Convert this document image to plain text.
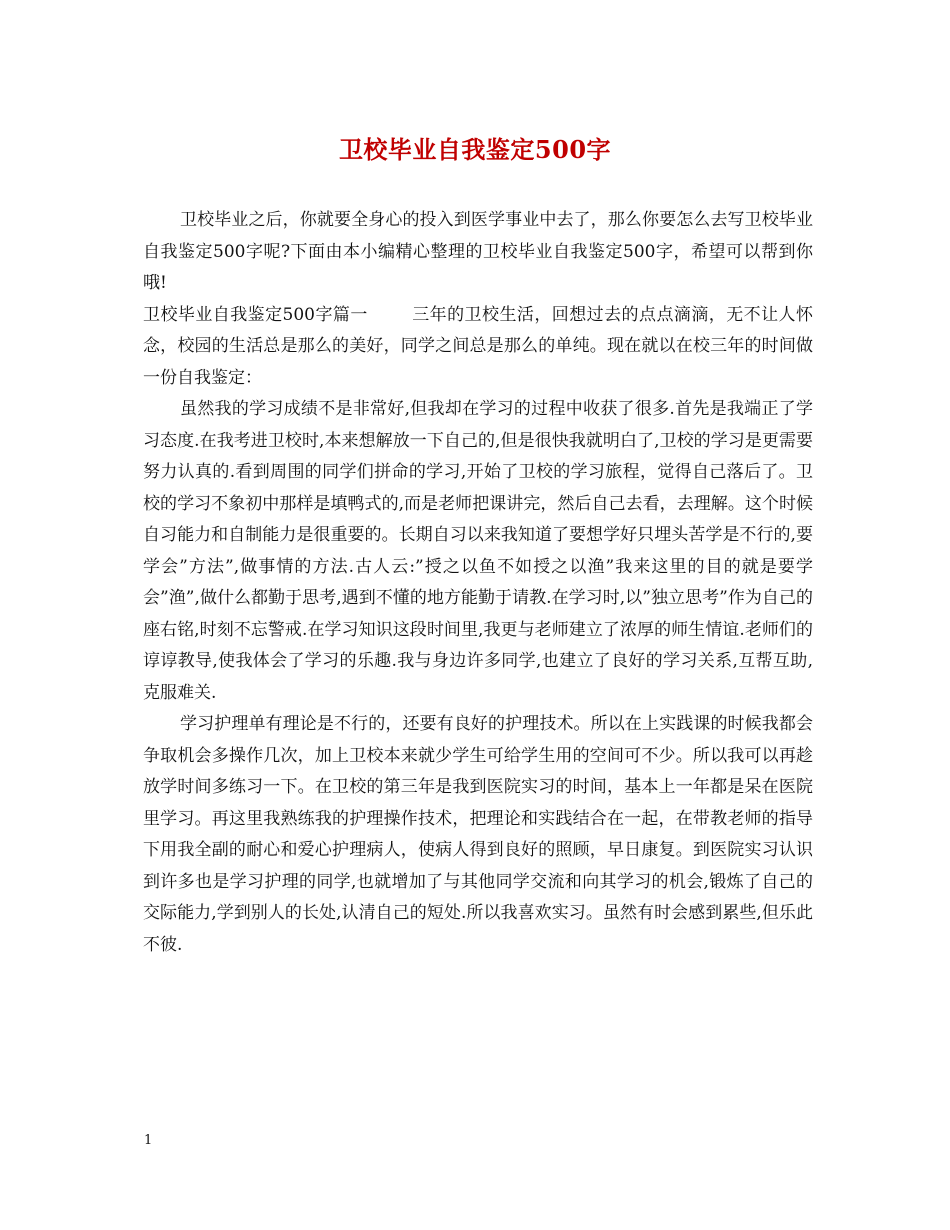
卫校毕业自我鉴定500字

卫校毕业之后，你就要全身心的投入到医学事业中去了，那么你要怎么去写卫校毕业自我鉴定500字呢?下面由本小编精心整理的卫校毕业自我鉴定500字，希望可以帮到你哦!

卫校毕业自我鉴定500字篇一	三年的卫校生活，回想过去的点点滴滴，无不让人怀念，校园的生活总是那么的美好，同学之间总是那么的单纯。现在就以在校三年的时间做一份自我鉴定：

虽然我的学习成绩不是非常好,但我却在学习的过程中收获了很多.首先是我端正了学习态度.在我考进卫校时,本来想解放一下自己的,但是很快我就明白了,卫校的学习是更需要努力认真的.看到周围的同学们拼命的学习,开始了卫校的学习旅程，觉得自己落后了。卫校的学习不象初中那样是填鸭式的,而是老师把课讲完，然后自己去看，去理解。这个时候自习能力和自制能力是很重要的。长期自习以来我知道了要想学好只埋头苦学是不行的,要学会”方法”,做事情的方法.古人云:”授之以鱼不如授之以渔”我来这里的目的就是要学会”渔”,做什么都勤于思考,遇到不懂的地方能勤于请教.在学习时,以”独立思考”作为自己的座右铭,时刻不忘警戒.在学习知识这段时间里,我更与老师建立了浓厚的师生情谊.老师们的谆谆教导,使我体会了学习的乐趣.我与身边许多同学,也建立了良好的学习关系,互帮互助,克服难关.

学习护理单有理论是不行的，还要有良好的护理技术。所以在上实践课的时候我都会争取机会多操作几次，加上卫校本来就少学生可给学生用的空间可不少。所以我可以再趁放学时间多练习一下。在卫校的第三年是我到医院实习的时间，基本上一年都是呆在医院里学习。再这里我熟练我的护理操作技术，把理论和实践结合在一起，在带教老师的指导下用我全副的耐心和爱心护理病人，使病人得到良好的照顾，早日康复。到医院实习认识到许多也是学习护理的同学,也就增加了与其他同学交流和向其学习的机会,锻炼了自己的交际能力,学到别人的长处,认清自己的短处.所以我喜欢实习。虽然有时会感到累些,但乐此不彼.

1
